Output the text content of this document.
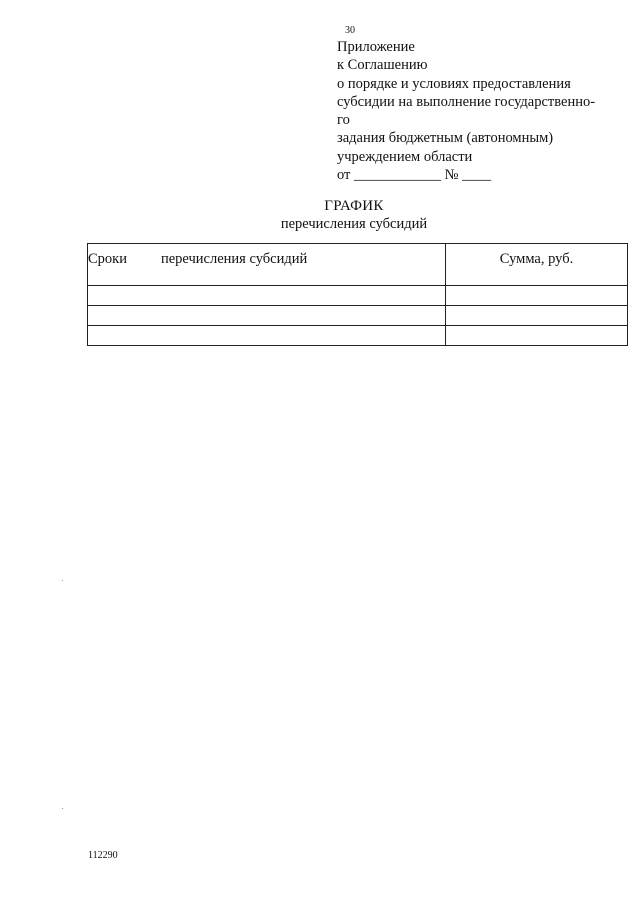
30
Приложение
к Соглашению
о порядке и условиях предоставления
субсидии на выполнение государственно-
го
задания бюджетным (автономным)
учреждением области
от ____________ № ____
ГРАФИК
перечисления субсидий
Сроки перечисления субсидий	Сумма, руб.

112290
